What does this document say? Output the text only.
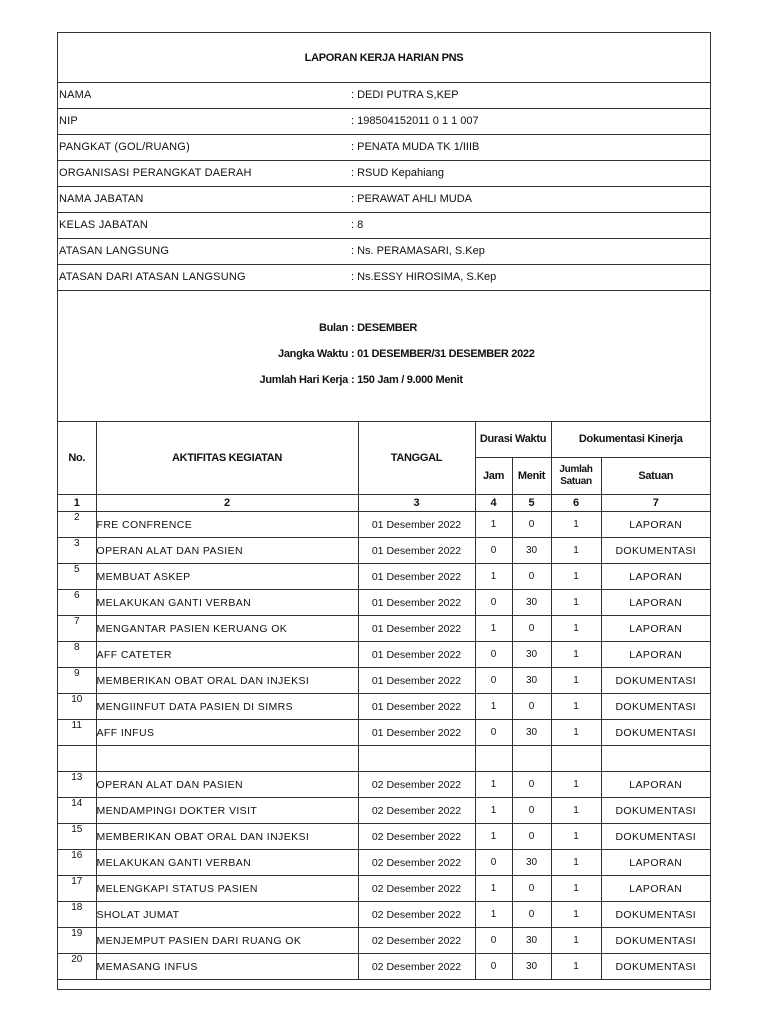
LAPORAN KERJA HARIAN PNS
NAMA	: DEDI PUTRA S,KEP
NIP	: 198504152011 0 1 1 007
PANGKAT (GOL/RUANG)	: PENATA MUDA TK 1/IIIB
ORGANISASI PERANGKAT DAERAH	: RSUD Kepahiang
NAMA JABATAN	: PERAWAT AHLI MUDA
KELAS JABATAN	: 8
ATASAN LANGSUNG	: Ns. PERAMASARI, S.Kep
ATASAN DARI ATASAN LANGSUNG	: Ns.ESSY HIROSIMA, S.Kep
Bulan : DESEMBER
Jangka Waktu : 01 DESEMBER/31 DESEMBER 2022
Jumlah Hari Kerja : 150 Jam / 9.000 Menit
No.	AKTIFITAS KEGIATAN	TANGGAL	Durasi Waktu		Dokumentasi Kinerja	
			Jam	Menit	Jumlah Satuan	Satuan
1	2	3	4	5	6	7
2	FRE CONFRENCE	01 Desember 2022	1	0	1	LAPORAN
3	OPERAN ALAT DAN PASIEN	01 Desember 2022	0	30	1	DOKUMENTASI
5	MEMBUAT ASKEP	01 Desember 2022	1	0	1	LAPORAN
6	MELAKUKAN GANTI VERBAN	01 Desember 2022	0	30	1	LAPORAN
7	MENGANTAR PASIEN KERUANG OK	01 Desember 2022	1	0	1	LAPORAN
8	AFF CATETER	01 Desember 2022	0	30	1	LAPORAN
9	MEMBERIKAN OBAT ORAL DAN INJEKSI	01 Desember 2022	0	30	1	DOKUMENTASI
10	MENGIINFUT DATA PASIEN DI SIMRS	01 Desember 2022	1	0	1	DOKUMENTASI
11	AFF INFUS	01 Desember 2022	0	30	1	DOKUMENTASI

13	OPERAN ALAT DAN PASIEN	02 Desember 2022	1	0	1	LAPORAN
14	MENDAMPINGI DOKTER VISIT	02 Desember 2022	1	0	1	DOKUMENTASI
15	MEMBERIKAN OBAT ORAL DAN INJEKSI	02 Desember 2022	1	0	1	DOKUMENTASI
16	MELAKUKAN GANTI VERBAN	02 Desember 2022	0	30	1	LAPORAN
17	MELENGKAPI STATUS PASIEN	02 Desember 2022	1	0	1	LAPORAN
18	SHOLAT JUMAT	02 Desember 2022	1	0	1	DOKUMENTASI
19	MENJEMPUT PASIEN DARI RUANG OK	02 Desember 2022	0	30	1	DOKUMENTASI
20	MEMASANG INFUS	02 Desember 2022	0	30	1	DOKUMENTASI
